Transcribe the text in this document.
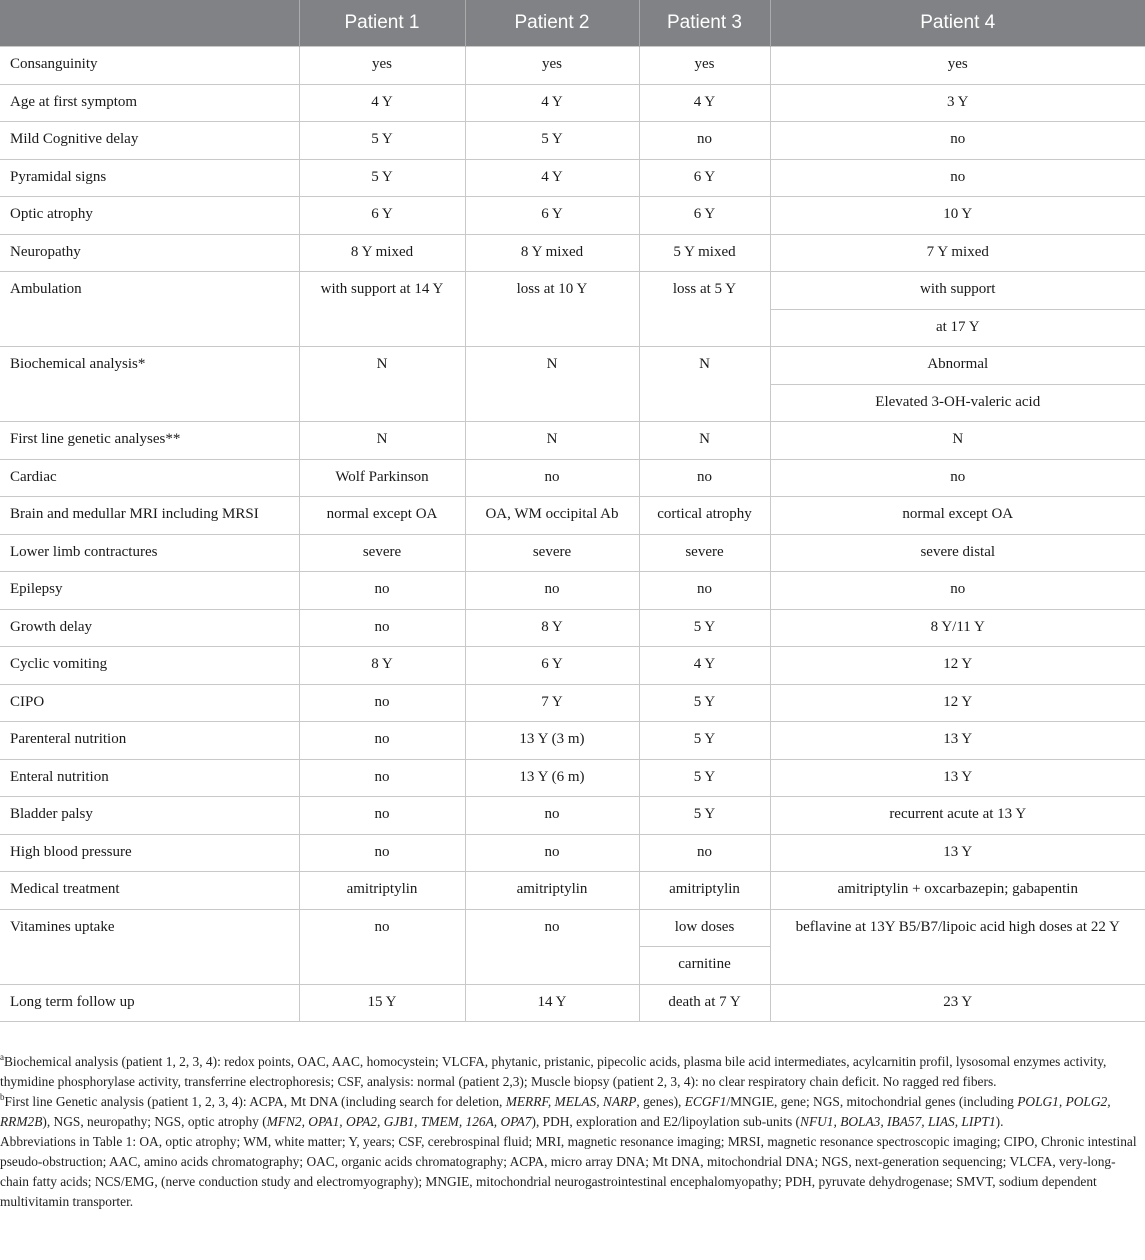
	Patient 1	Patient 2	Patient 3	Patient 4
Consanguinity	yes	yes	yes	yes
Age at first symptom	4 Y	4 Y	4 Y	3 Y
Mild Cognitive delay	5 Y	5 Y	no	no
Pyramidal signs	5 Y	4 Y	6 Y	no
Optic atrophy	6 Y	6 Y	6 Y	10 Y
Neuropathy	8 Y mixed	8 Y mixed	5 Y mixed	7 Y mixed
Ambulation	with support at 14 Y	loss at 10 Y	loss at 5 Y	with support
				at 17 Y
Biochemical analysis*	N	N	N	Abnormal
				Elevated 3-OH-valeric acid
First line genetic analyses**	N	N	N	N
Cardiac	Wolf Parkinson	no	no	no
Brain and medullar MRI including MRSI	normal except OA	OA, WM occipital Ab	cortical atrophy	normal except OA
Lower limb contractures	severe	severe	severe	severe distal
Epilepsy	no	no	no	no
Growth delay	no	8 Y	5 Y	8 Y/11 Y
Cyclic vomiting	8 Y	6 Y	4 Y	12 Y
CIPO	no	7 Y	5 Y	12 Y
Parenteral nutrition	no	13 Y (3 m)	5 Y	13 Y
Enteral nutrition	no	13 Y (6 m)	5 Y	13 Y
Bladder palsy	no	no	5 Y	recurrent acute at 13 Y
High blood pressure	no	no	no	13 Y
Medical treatment	amitriptylin	amitriptylin	amitriptylin	amitriptylin + oxcarbazepin; gabapentin
Vitamines uptake	no	no	low doses	beflavine at 13Y B5/B7/lipoic acid high doses at 22 Y
			carnitine	
Long term follow up	15 Y	14 Y	death at 7 Y	23 Y

$^a$Biochemical analysis (patient 1, 2, 3, 4): redox points, OAC, AAC, homocystein; VLCFA, phytanic, pristanic, pipecolic acids, plasma bile acid intermediates, acylcarnitin profil, lysosomal enzymes activity, thymidine phosphorylase activity, transferrine electrophoresis; CSF, analysis: normal (patient 2,3); Muscle biopsy (patient 2, 3, 4): no clear respiratory chain deficit. No ragged red fibers.

$^b$First line Genetic analysis (patient 1, 2, 3, 4): ACPA, Mt DNA (including search for deletion, MERRF, MELAS, NARP, genes), ECGF1/MNGIE, gene; NGS, mitochondrial genes (including POLG1, POLG2, RRM2B), NGS, neuropathy; NGS, optic atrophy (MFN2, OPA1, OPA2, GJB1, TMEM, 126A, OPA7), PDH, exploration and E2/lipoylation sub-units (NFU1, BOLA3, IBA57, LIAS, LIPT1).

Abbreviations in Table 1: OA, optic atrophy; WM, white matter; Y, years; CSF, cerebrospinal fluid; MRI, magnetic resonance imaging; MRSI, magnetic resonance spectroscopic imaging; CIPO, Chronic intestinal pseudo-obstruction; AAC, amino acids chromatography; OAC, organic acids chromatography; ACPA, micro array DNA; Mt DNA, mitochondrial DNA; NGS, next-generation sequencing; VLCFA, very-long-chain fatty acids; NCS/EMG, (nerve conduction study and electromyography); MNGIE, mitochondrial neurogastrointestinal encephalomyopathy; PDH, pyruvate dehydrogenase; SMVT, sodium dependent multivitamin transporter.
